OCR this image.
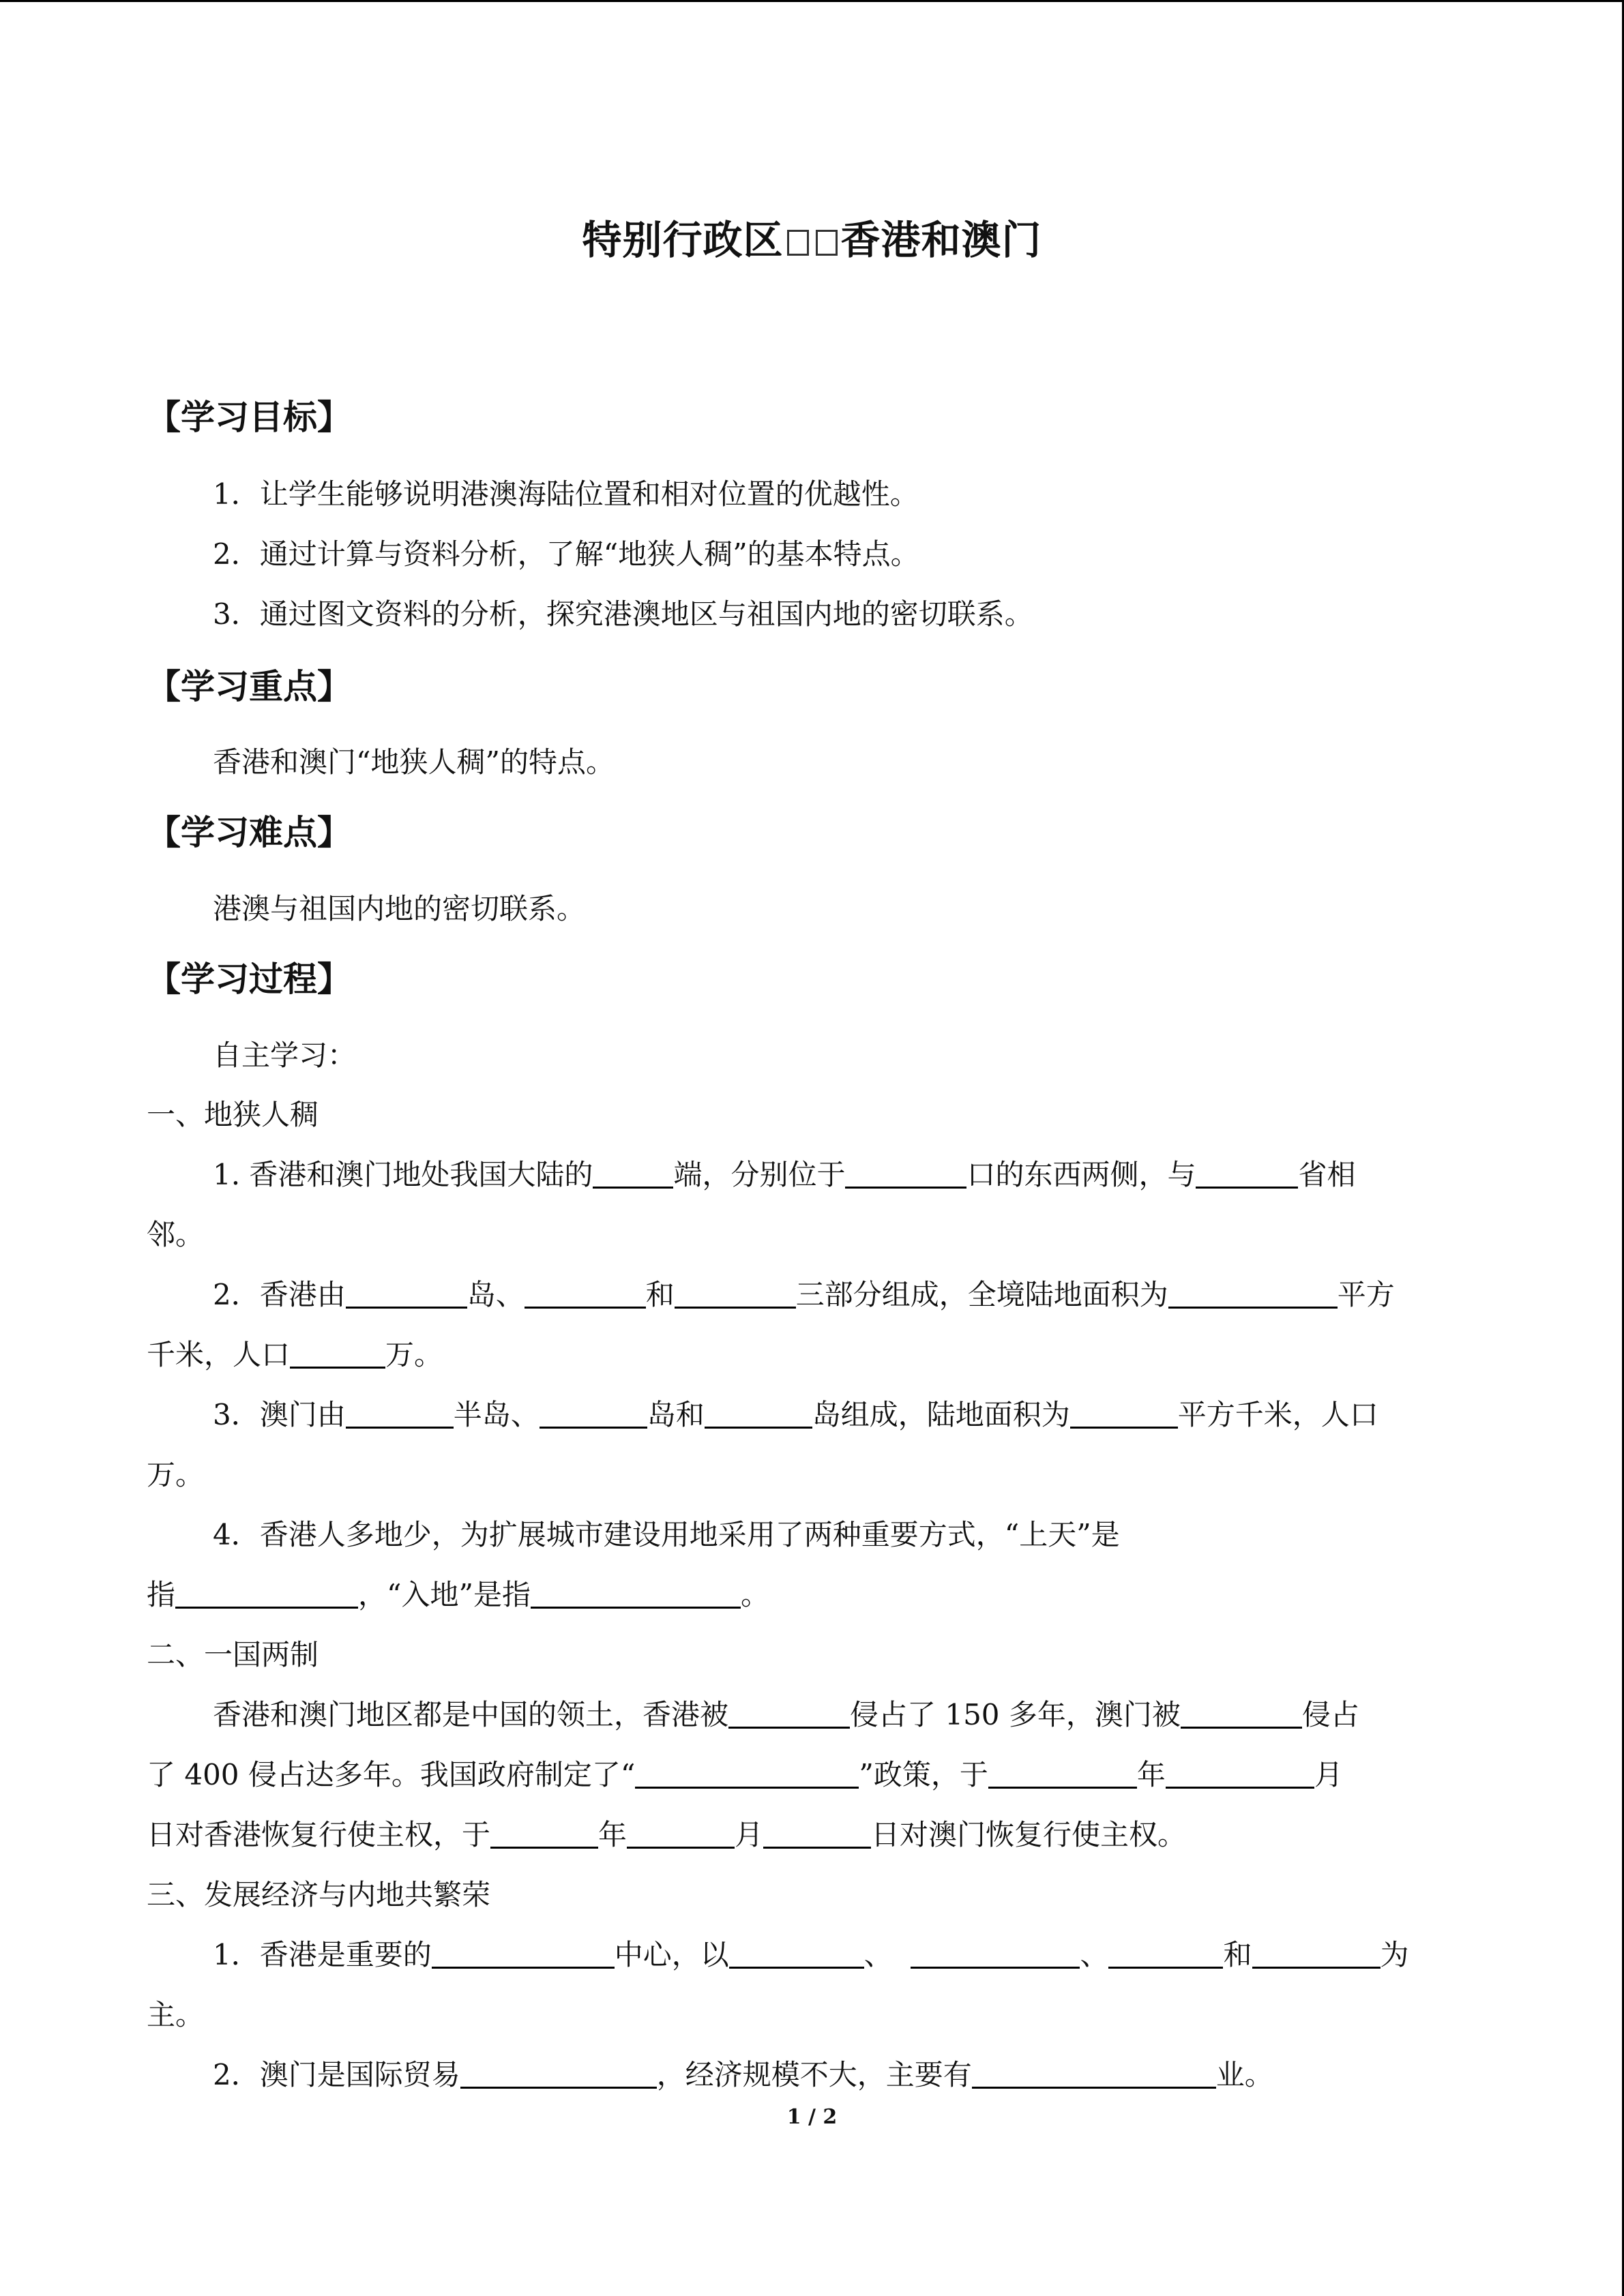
特别行政区 香港和澳门
【学习目标】
1．让学生能够说明港澳海陆位置和相对位置的优越性。
2．通过计算与资料分析，了解“地狭人稠”的基本特点。
3．通过图文资料的分析，探究港澳地区与祖国内地的密切联系。
【学习重点】
香港和澳门“地狭人稠”的特点。
【学习难点】
港澳与祖国内地的密切联系。
【学习过程】
自主学习：
一、地狭人稠
1. 香港和澳门地处我国大陆的	端，分别位于	口的东西两侧，与	省相
邻。
2．香港由	岛、	和	三部分组成，全境陆地面积为	平方
千米，人口	万。
3．澳门由	半岛、	岛和	岛组成，陆地面积为	平方千米，人口
万。
4．香港人多地少，为扩展城市建设用地采用了两种重要方式，“上天”是
指	，“入地”是指	。
二、一国两制
香港和澳门地区都是中国的领土，香港被	侵占了 150 多年，澳门被	侵占
了 400 侵占达多年。我国政府制定了“	”政策，于	年	月
日对香港恢复行使主权，于	年	月	日对澳门恢复行使主权。
三、发展经济与内地共繁荣
1．香港是重要的	中心，以	、	、	和	为
主。
2．澳门是国际贸易	，经济规模不大，主要有	业。
1 / 2
